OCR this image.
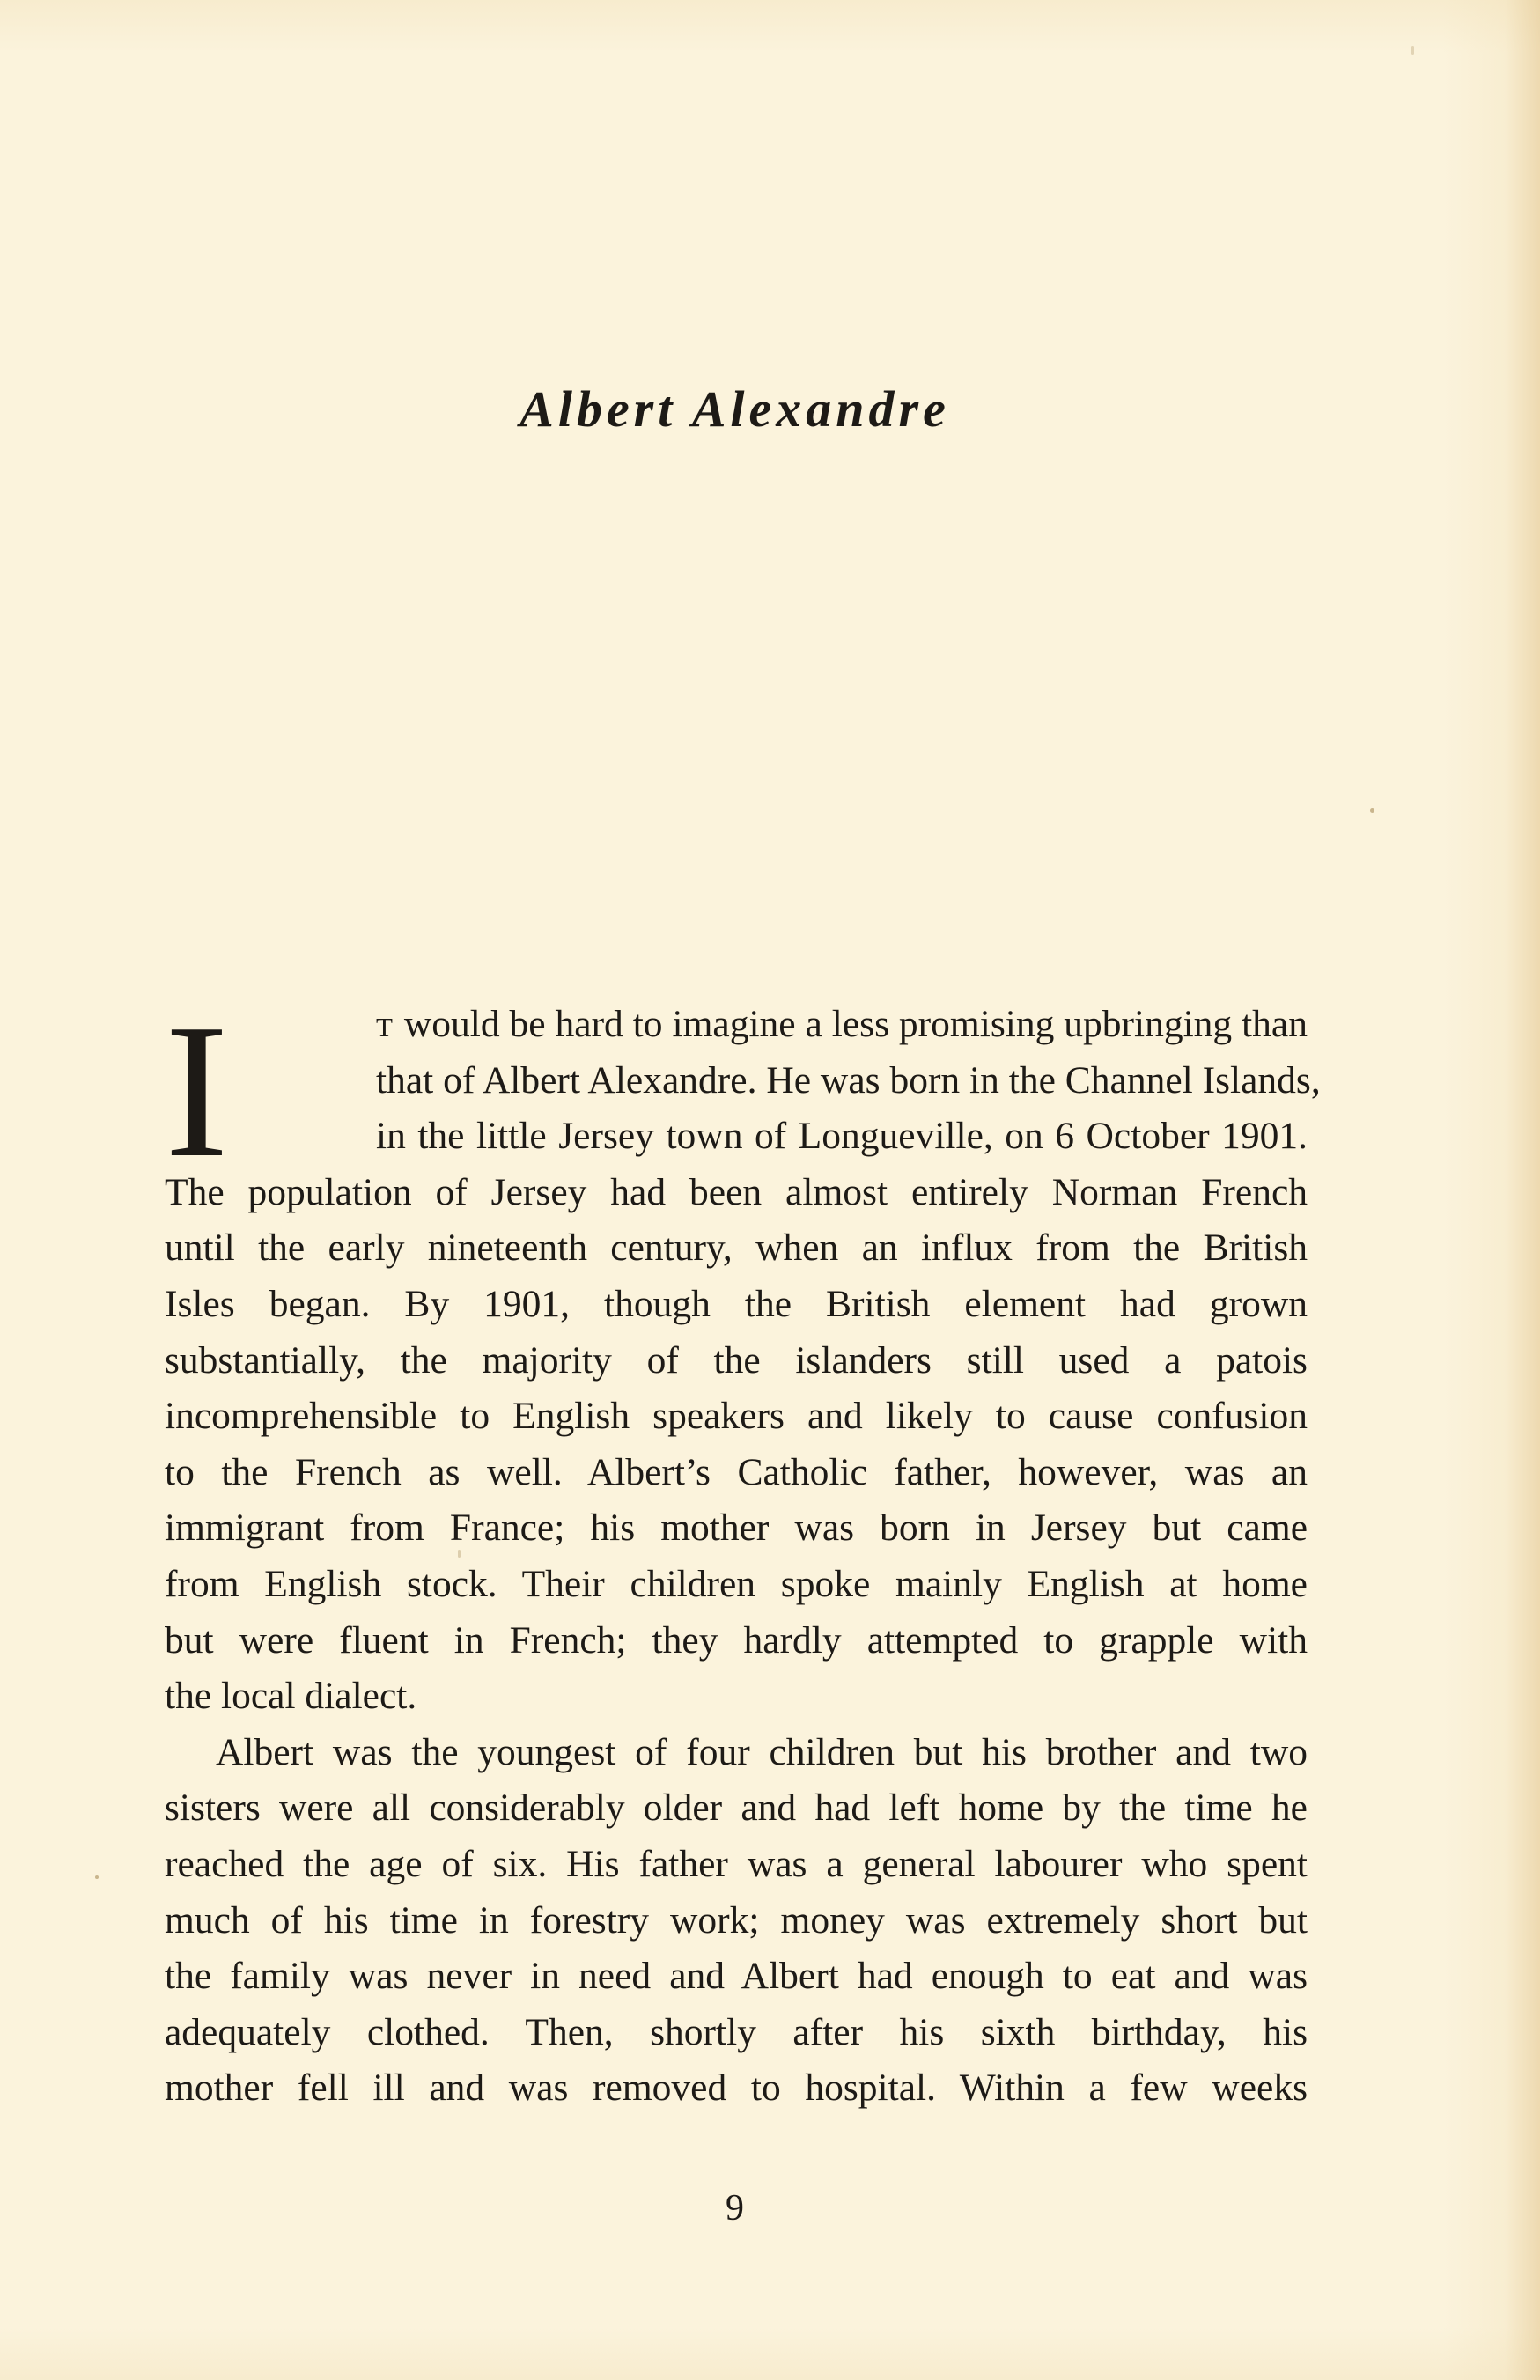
Albert Alexandre
I	T would be hard to imagine a less promising upbringing than
that of Albert Alexandre. He was born in the Channel Islands,
in the little Jersey town of Longueville, on 6 October 1901.
The population of Jersey had been almost entirely Norman French
until the early nineteenth century, when an influx from the British
Isles began. By 1901, though the British element had grown
substantially, the majority of the islanders still used a patois
incomprehensible to English speakers and likely to cause confusion
to the French as well. Albert’s Catholic father, however, was an
immigrant from France; his mother was born in Jersey but came
from English stock. Their children spoke mainly English at home
but were fluent in French; they hardly attempted to grapple with
the local dialect.
Albert was the youngest of four children but his brother and two
sisters were all considerably older and had left home by the time he
reached the age of six. His father was a general labourer who spent
much of his time in forestry work; money was extremely short but
the family was never in need and Albert had enough to eat and was
adequately clothed. Then, shortly after his sixth birthday, his
mother fell ill and was removed to hospital. Within a few weeks
9
